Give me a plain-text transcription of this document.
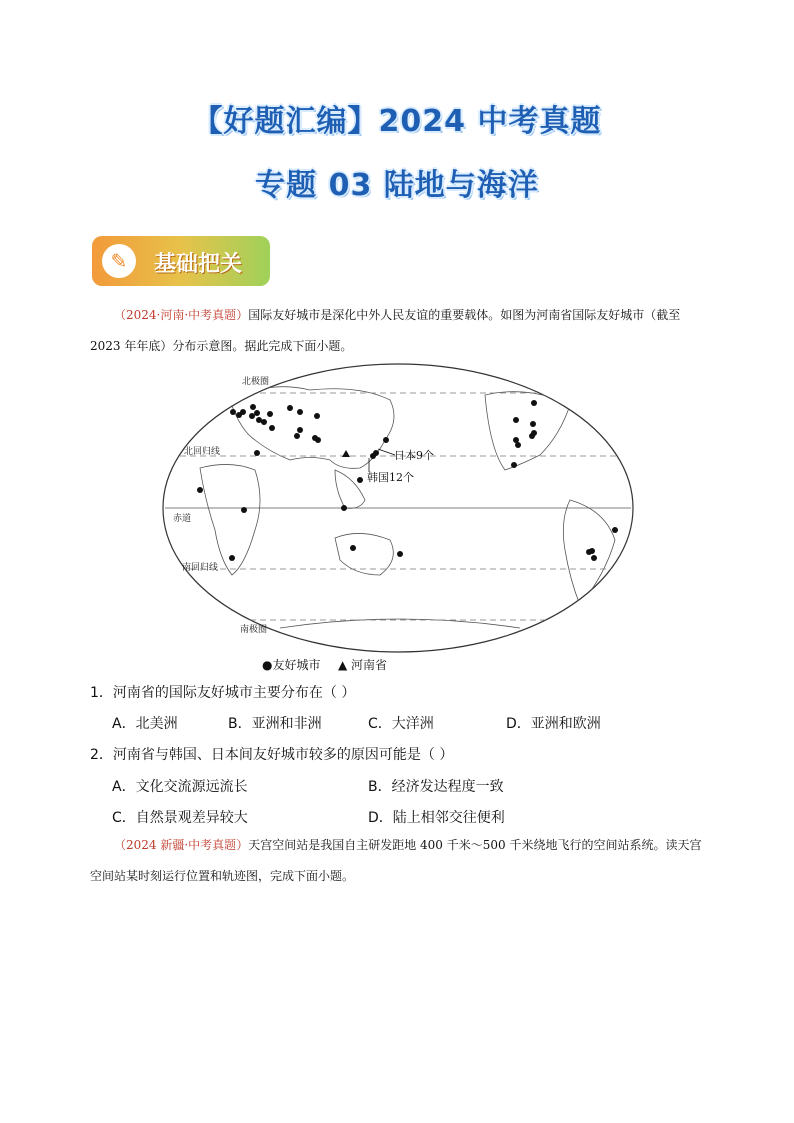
【好题汇编】2024 中考真题
专题 03 陆地与海洋
✎	基础把关
（2024·河南·中考真题）国际友好城市是深化中外人民友谊的重要载体。如图为河南省国际友好城市（截至 2023 年年底）分布示意图。据此完成下面小题。
北极圈
北回归线
赤道
南回归线
南极圈
日本9个
韩国12个
●友好城市 ▲ 河南省
1．河南省的国际友好城市主要分布在（ ）
A．北美洲	B．亚洲和非洲	C．大洋洲	D．亚洲和欧洲
2．河南省与韩国、日本间友好城市较多的原因可能是（ ）
A．文化交流源远流长	B．经济发达程度一致
C．自然景观差异较大	D．陆上相邻交往便利
（2024 新疆·中考真题）天宫空间站是我国自主研发距地 400 千米～500 千米绕地飞行的空间站系统。读天宫空间站某时刻运行位置和轨迹图，完成下面小题。
